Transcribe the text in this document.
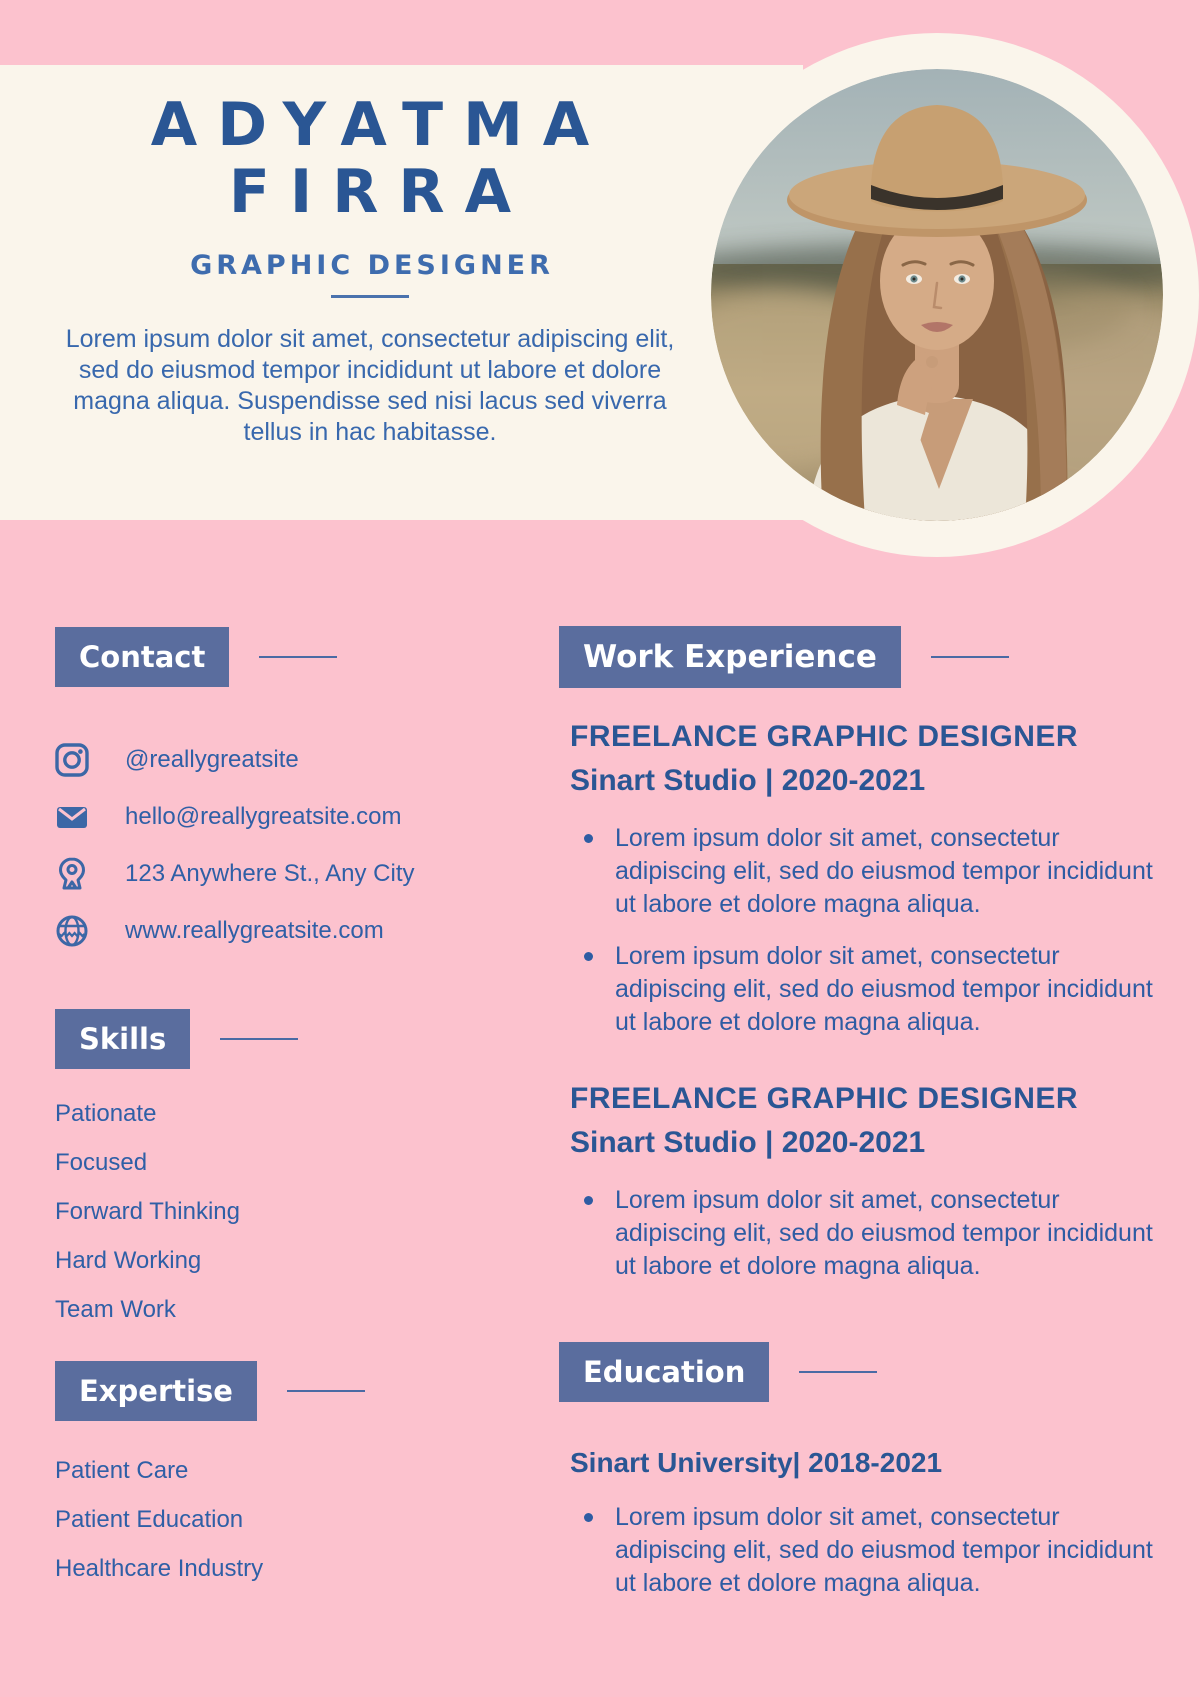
ADYATMA
FIRRA
GRAPHIC DESIGNER
Lorem ipsum dolor sit amet, consectetur adipiscing elit, sed do eiusmod tempor incididunt ut labore et dolore magna aliqua. Suspendisse sed nisi lacus sed viverra tellus in hac habitasse.
Contact
@reallygreatsite
hello@reallygreatsite.com
123 Anywhere St., Any City
www.reallygreatsite.com
Skills
Pationate
Focused
Forward Thinking
Hard Working
Team Work
Expertise
Patient Care
Patient Education
Healthcare Industry
Work Experience
FREELANCE GRAPHIC DESIGNER
Sinart Studio | 2020-2021
Lorem ipsum dolor sit amet, consectetur adipiscing elit, sed do eiusmod tempor incididunt ut labore et dolore magna aliqua.
Lorem ipsum dolor sit amet, consectetur adipiscing elit, sed do eiusmod tempor incididunt ut labore et dolore magna aliqua.
FREELANCE GRAPHIC DESIGNER
Sinart Studio | 2020-2021
Lorem ipsum dolor sit amet, consectetur adipiscing elit, sed do eiusmod tempor incididunt ut labore et dolore magna aliqua.
Education
Sinart University| 2018-2021
Lorem ipsum dolor sit amet, consectetur adipiscing elit, sed do eiusmod tempor incididunt ut labore et dolore magna aliqua.
